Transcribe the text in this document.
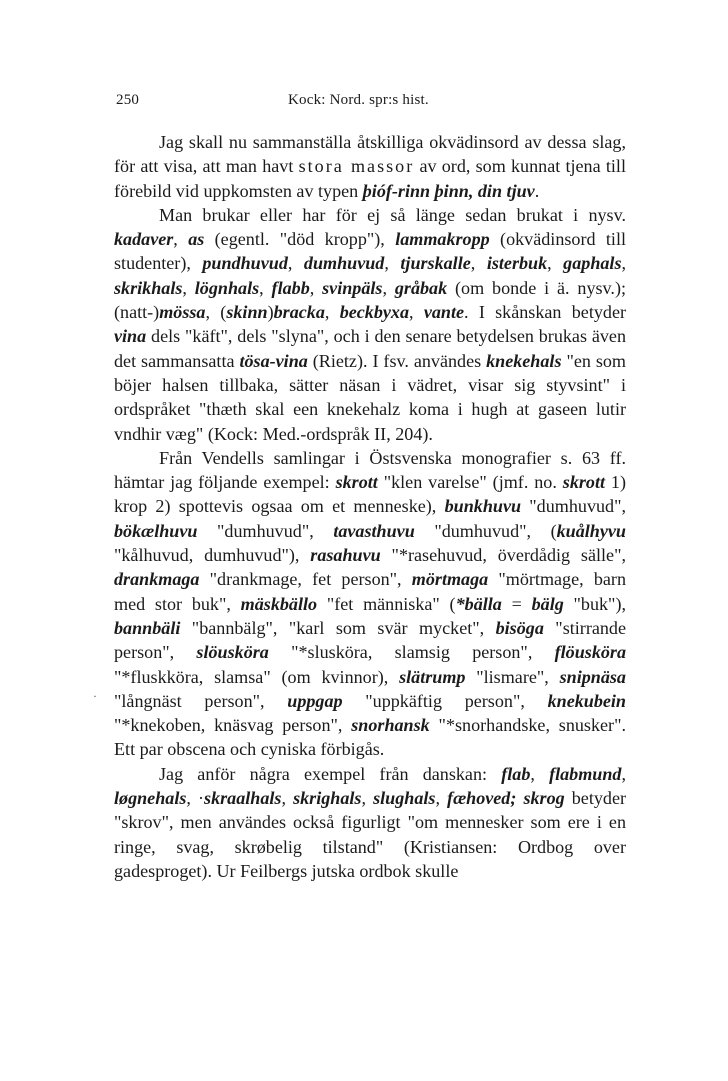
250	Kock: Nord. spr:s hist.

Jag skall nu sammanställa åtskilliga okvädinsord av dessa slag, för att visa, att man havt stora massor av ord, som kunnat tjena till förebild vid uppkomsten av typen þióf-rinn þinn, din tjuv.

Man brukar eller har för ej så länge sedan brukat i nysv. kadaver, as (egentl. "död kropp"), lammakropp (okvädinsord till studenter), pundhuvud, dumhuvud, tjurskalle, isterbuk, gaphals, skrikhals, lögnhals, flabb, svinpäls, gråbak (om bonde i ä. nysv.); (natt-)mössa, (skinn)bracka, beckbyxa, vante. I skånskan betyder vina dels "käft", dels "slyna", och i den senare betydelsen brukas även det sammansatta tösa-vina (Rietz). I fsv. användes knekehals "en som böjer halsen tillbaka, sätter näsan i vädret, visar sig styvsint" i ordspråket "thæth skal een knekehalz koma i hugh at gaseen lutir vndhir væg" (Kock: Med.-ordspråk II, 204).

Från Vendells samlingar i Östsvenska monografier s. 63 ff. hämtar jag följande exempel: skrott "klen varelse" (jmf. no. skrott 1) krop 2) spottevis ogsaa om et menneske), bunkhuvu "dumhuvud", bökælhuvu "dumhuvud", tavasthuvu "dumhuvud", (kuålhyvu "kålhuvud, dumhuvud"), rasahuvu "*rasehuvud, överdådig sälle", drankmaga "drankmage, fet person", mörtmaga "mörtmage, barn med stor buk", mäskbällo "fet människa" (*bälla = bälg "buk"), bannbäli "bannbälg", "karl som svär mycket", bisöga "stirrande person", slöusköra "*slusköra, slamsig person", flöusköra "*fluskköra, slamsa" (om kvinnor), slätrump "lismare", snipnäsa "långnäst person", uppgap "uppkäftig person", knekubein "*knekoben, knäsvag person", snorhansk "*snorhandske, snusker". Ett par obscena och cyniska förbigås.

Jag anför några exempel från danskan: flab, flabmund, løgnehals, ·skraalhals, skrighals, slughals, fæhoved; skrog betyder "skrov", men användes också figurligt "om mennesker som ere i en ringe, svag, skrøbelig tilstand" (Kristiansen: Ordbog over gadesproget). Ur Feilbergs jutska ordbok skulle

·
